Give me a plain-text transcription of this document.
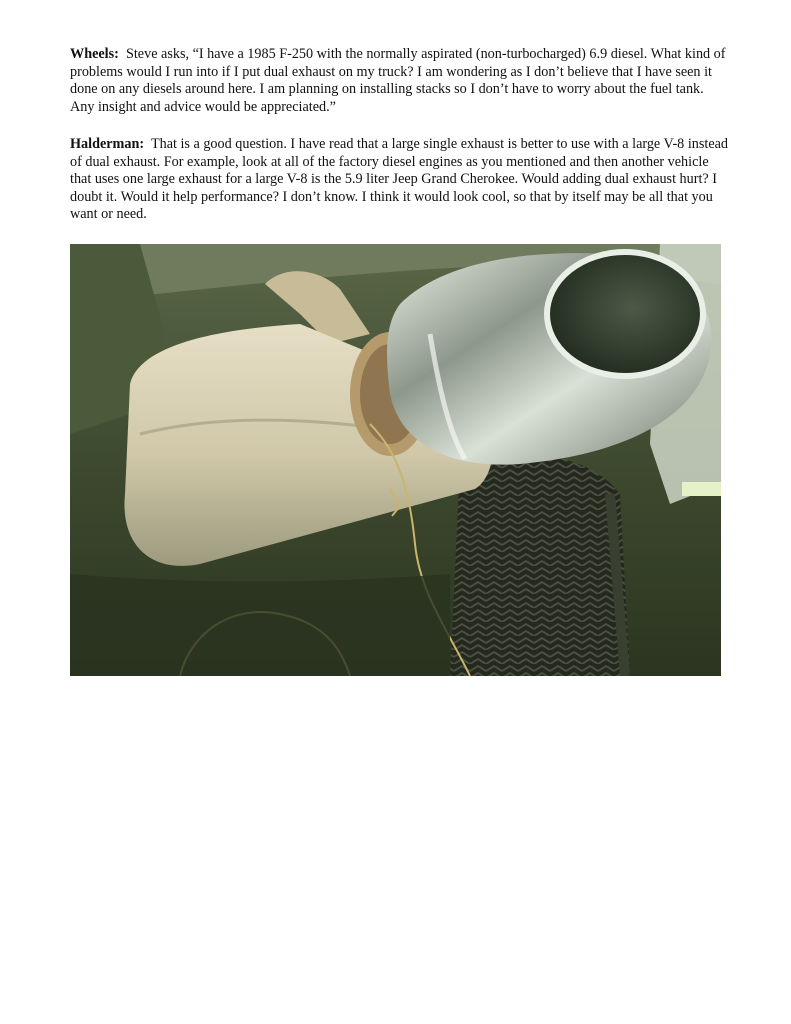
Wheels: Steve asks, “I have a 1985 F-250 with the normally aspirated (non-turbocharged) 6.9 diesel. What kind of problems would I run into if I put dual exhaust on my truck? I am wondering as I don’t believe that I have seen it done on any diesels around here. I am planning on installing stacks so I don’t have to worry about the fuel tank. Any insight and advice would be appreciated.”

Halderman: That is a good question. I have read that a large single exhaust is better to use with a large V-8 instead of dual exhaust. For example, look at all of the factory diesel engines as you mentioned and then another vehicle that uses one large exhaust for a large V-8 is the 5.9 liter Jeep Grand Cherokee. Would adding dual exhaust hurt? I doubt it. Would it help performance? I don’t know. I think it would look cool, so that by itself may be all that you want or need.
